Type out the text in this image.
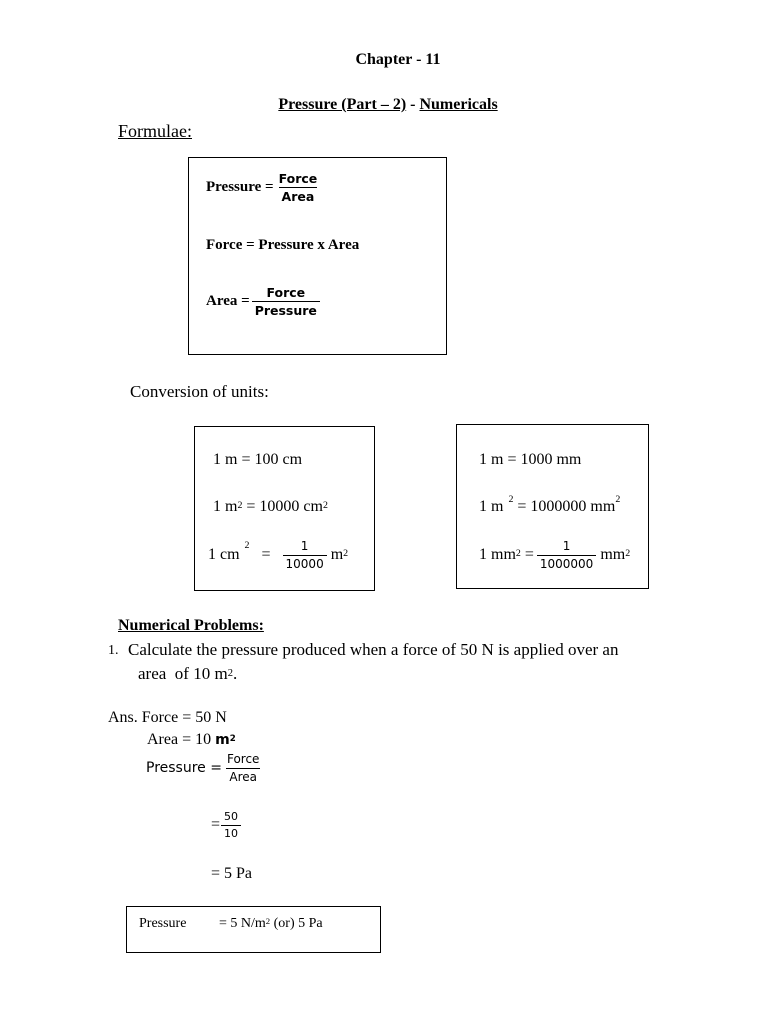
Chapter - 11
Pressure (Part – 2) - Numericals
Formulae:
Pressure = $\frac{\text{Force}}{\text{Area}}$
Force = Pressure x Area
Area = $\frac{\text{Force}}{\text{Pressure}}$
Conversion of units:
1 m = 100 cm
1 $m^2 = 10000$ $cm^2$
1 cm
$^2$
= $\frac{1}{10000} m^2$
1 m = 1000 mm
1 m $^2$ = 1000000 $mm^2$
1 $mm^2 = \frac{1}{1000000} mm^2$
Numerical Problems:
1. Calculate the pressure produced when a force of 50 N is applied over an
area  of 10 $m^2$.
Ans. Force = 50 N
Area = 10 $m^2$
Pressure = $\frac{\text{Force}}{\text{Area}}$
= $\frac{50}{10}$
= 5 Pa
Pressure = 5 $N/m^2$ (or) 5 Pa
